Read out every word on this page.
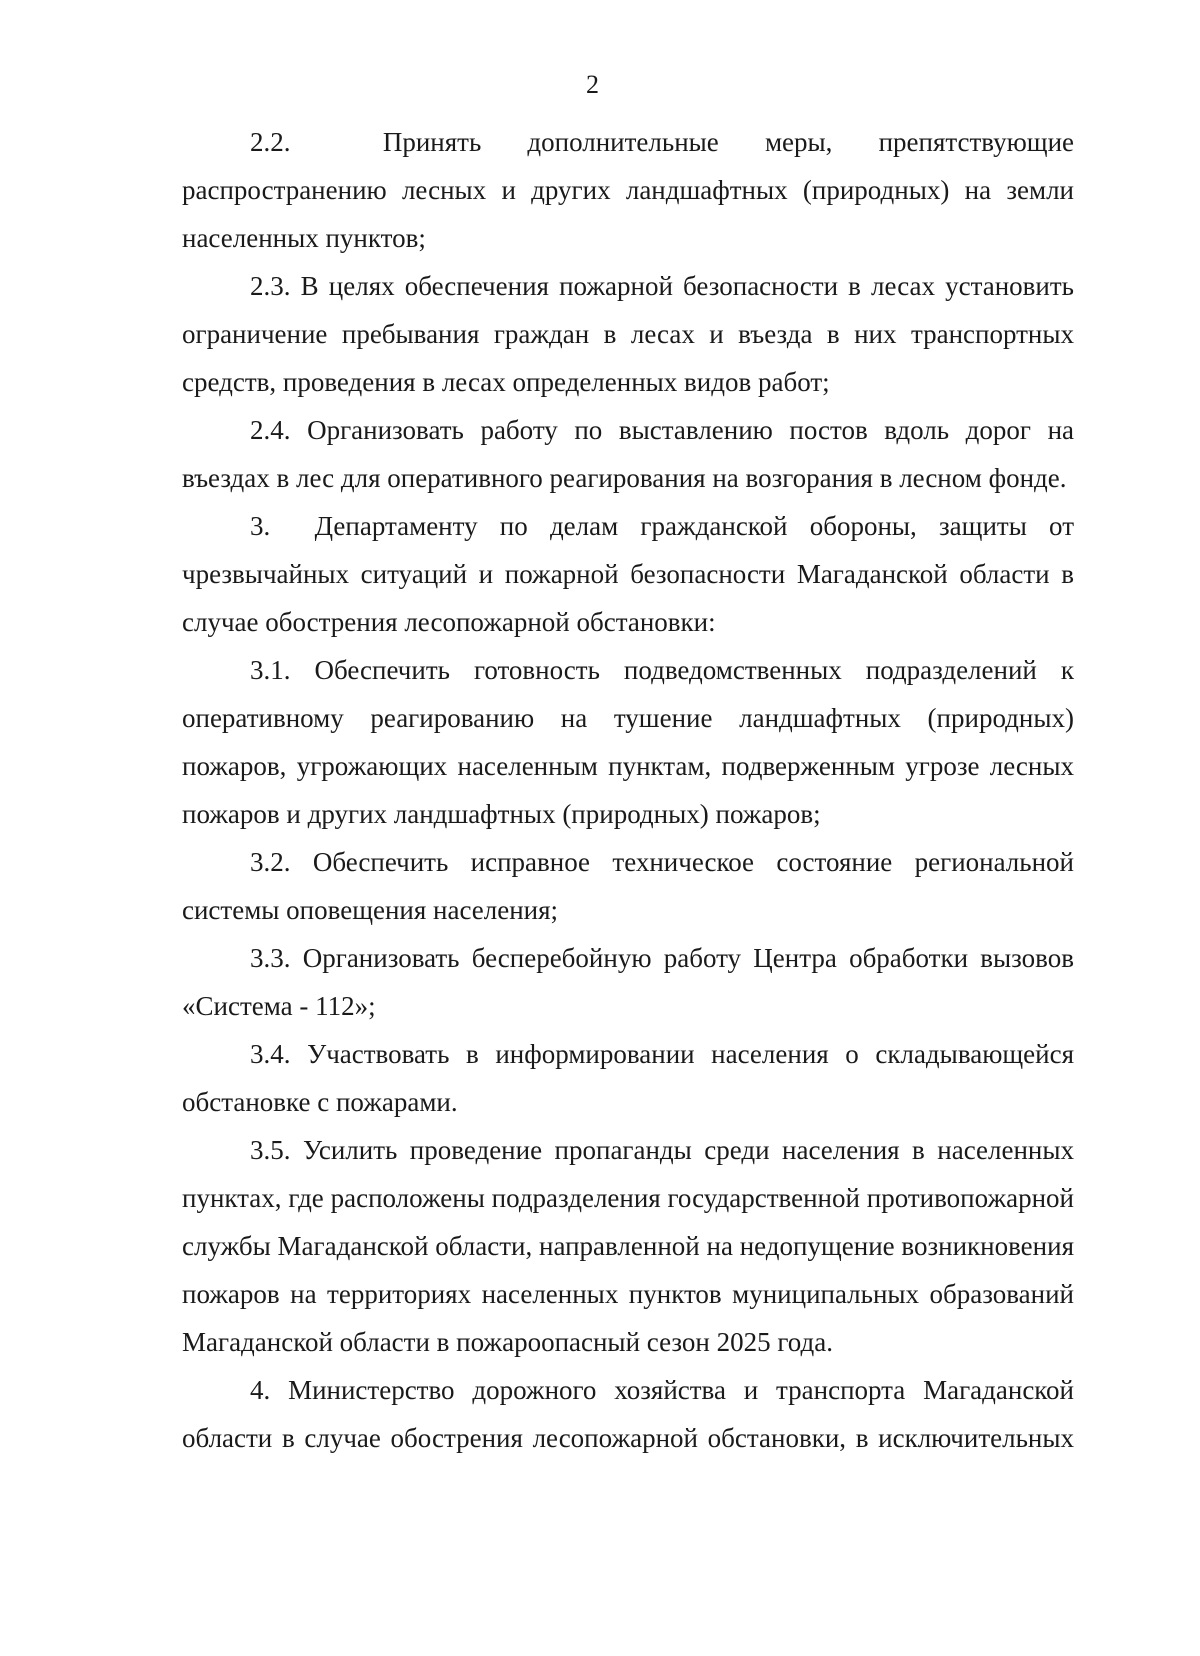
2

2.2.  Принять дополнительные меры, препятствующие распространению лесных и других ландшафтных (природных) на земли населенных пунктов;

2.3. В целях обеспечения пожарной безопасности в лесах установить ограничение пребывания граждан в лесах и въезда в них транспортных средств, проведения в лесах определенных видов работ;

2.4. Организовать работу по выставлению постов вдоль дорог на въездах в лес для оперативного реагирования на возгорания в лесном фонде.

3.  Департаменту по делам гражданской обороны, защиты от чрезвычайных ситуаций и пожарной безопасности Магаданской области в случае обострения лесопожарной обстановки:

3.1. Обеспечить готовность подведомственных подразделений к оперативному реагированию на тушение ландшафтных (природных) пожаров, угрожающих населенным пунктам, подверженным угрозе лесных пожаров и других ландшафтных (природных) пожаров;

3.2. Обеспечить исправное техническое состояние региональной системы оповещения населения;

3.3. Организовать бесперебойную работу Центра обработки вызовов «Система - 112»;

3.4. Участвовать в информировании населения о складывающейся обстановке с пожарами.

3.5. Усилить проведение пропаганды среди населения в населенных пунктах, где расположены подразделения государственной противопожарной службы Магаданской области, направленной на недопущение возникновения пожаров на территориях населенных пунктов муниципальных образований Магаданской области в пожароопасный сезон 2025 года.

4. Министерство дорожного хозяйства и транспорта Магаданской области в случае обострения лесопожарной обстановки, в исключительных
